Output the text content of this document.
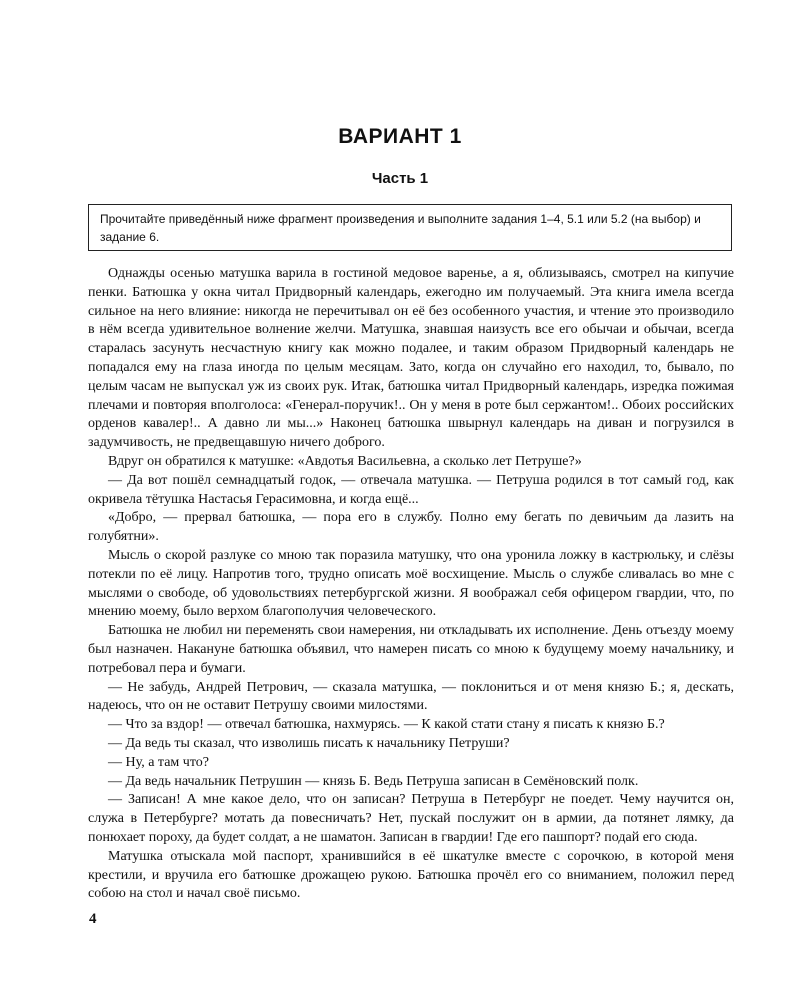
ВАРИАНТ 1
Часть 1
Прочитайте приведённый ниже фрагмент произведения и выполните задания 1–4, 5.1 или 5.2 (на выбор) и задание 6.

Однажды осенью матушка варила в гостиной медовое варенье, а я, облизываясь, смотрел на кипучие пенки. Батюшка у окна читал Придворный календарь, ежегодно им получаемый. Эта книга имела всегда сильное на него влияние: никогда не перечитывал он её без особенного участия, и чтение это производило в нём всегда удивительное волнение желчи. Матушка, знавшая наизусть все его обычаи и обычаи, всегда старалась засунуть несчастную книгу как можно подалее, и таким образом Придворный календарь не попадался ему на глаза иногда по целым месяцам. Зато, когда он случайно его находил, то, бывало, по целым часам не выпускал уж из своих рук. Итак, батюшка читал Придворный календарь, изредка пожимая плечами и повторяя вполголоса: «Генерал-поручик!.. Он у меня в роте был сержантом!.. Обоих российских орденов кавалер!.. А давно ли мы...» Наконец батюшка швырнул календарь на диван и погрузился в задумчивость, не предвещавшую ничего доброго.

Вдруг он обратился к матушке: «Авдотья Васильевна, а сколько лет Петруше?»

— Да вот пошёл семнадцатый годок, — отвечала матушка. — Петруша родился в тот самый год, как окривела тётушка Настасья Герасимовна, и когда ещё...

«Добро, — прервал батюшка, — пора его в службу. Полно ему бегать по девичьим да лазить на голубятни».

Мысль о скорой разлуке со мною так поразила матушку, что она уронила ложку в кастрюльку, и слёзы потекли по её лицу. Напротив того, трудно описать моё восхищение. Мысль о службе сливалась во мне с мыслями о свободе, об удовольствиях петербургской жизни. Я воображал себя офицером гвардии, что, по мнению моему, было верхом благополучия человеческого.

Батюшка не любил ни переменять свои намерения, ни откладывать их исполнение. День отъезду моему был назначен. Накануне батюшка объявил, что намерен писать со мною к будущему моему начальнику, и потребовал пера и бумаги.

— Не забудь, Андрей Петрович, — сказала матушка, — поклониться и от меня князю Б.; я, дескать, надеюсь, что он не оставит Петрушу своими милостями.

— Что за вздор! — отвечал батюшка, нахмурясь. — К какой стати стану я писать к князю Б.?

— Да ведь ты сказал, что изволишь писать к начальнику Петруши?

— Ну, а там что?

— Да ведь начальник Петрушин — князь Б. Ведь Петруша записан в Семёновский полк.

— Записан! А мне какое дело, что он записан? Петруша в Петербург не поедет. Чему научится он, служа в Петербурге? мотать да повесничать? Нет, пускай послужит он в армии, да потянет лямку, да понюхает пороху, да будет солдат, а не шаматон. Записан в гвардии! Где его пашпорт? подай его сюда.

Матушка отыскала мой паспорт, хранившийся в её шкатулке вместе с сорочкою, в которой меня крестили, и вручила его батюшке дрожащею рукою. Батюшка прочёл его со вниманием, положил перед собою на стол и начал своё письмо.

4
